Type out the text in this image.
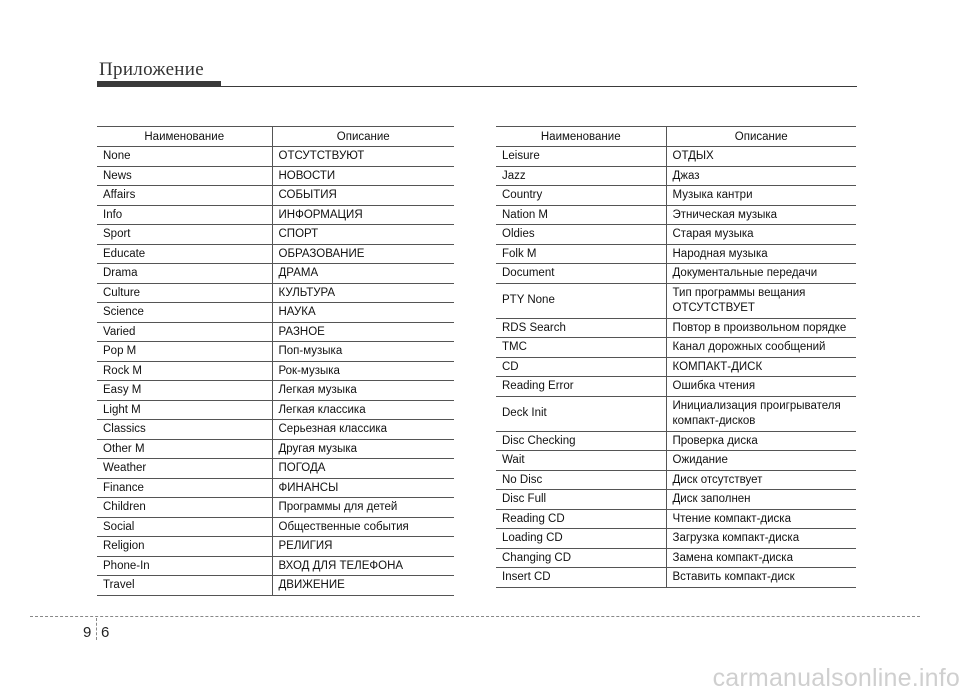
Приложение
Наименование	Описание
None	ОТСУТСТВУЮТ
News	НОВОСТИ
Affairs	СОБЫТИЯ
Info	ИНФОРМАЦИЯ
Sport	СПОРТ
Educate	ОБРАЗОВАНИЕ
Drama	ДРАМА
Culture	КУЛЬТУРА
Science	НАУКА
Varied	РАЗНОЕ
Pop M	Поп-музыка
Rock M	Рок-музыка
Easy M	Легкая музыка
Light M	Легкая классика
Classics	Серьезная классика
Other M	Другая музыка
Weather	ПОГОДА
Finance	ФИНАНСЫ
Children	Программы для детей
Social	Общественные события
Religion	РЕЛИГИЯ
Phone-In	ВХОД ДЛЯ ТЕЛЕФОНА
Travel	ДВИЖЕНИЕ
Наименование	Описание
Leisure	ОТДЫХ
Jazz	Джаз
Country	Музыка кантри
Nation M	Этническая музыка
Oldies	Старая музыка
Folk M	Народная музыка
Document	Документальные передачи
PTY None	Тип программы вещания ОТСУТСТВУЕТ
RDS Search	Повтор в произвольном порядке
TMC	Канал дорожных сообщений
CD	КОМПАКТ-ДИСК
Reading Error	Ошибка чтения
Deck Init	Инициализация проигрывателя компакт-дисков
Disc Checking	Проверка диска
Wait	Ожидание
No Disc	Диск отсутствует
Disc Full	Диск заполнен
Reading CD	Чтение компакт-диска
Loading CD	Загрузка компакт-диска
Changing CD	Замена компакт-диска
Insert CD	Вставить компакт-диск
9 6
carmanualsonline.info
